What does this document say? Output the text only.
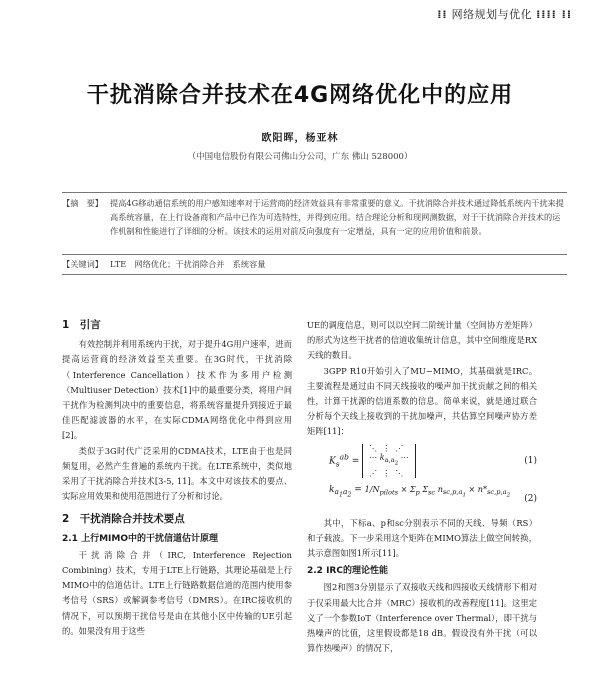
⁞⁞ 网络规划与优化 ⁞⁞⁞⁞ ⁞⁞
干扰消除合并技术在4G网络优化中的应用
欧阳晖，杨亚林
（中国电信股份有限公司佛山分公司，广东 佛山 528000）
【摘　要】 提高4G移动通信系统的用户感知速率对于运营商的经济效益具有非常重要的意义。干扰消除合并技术通过降低系统内干扰来提高系统容量，在上行设备商和产品中已作为可选特性，并得到应用。结合理论分析和现网测数据，对于干扰消除合并技术的运作机制和性能进行了详细的分析。该技术的运用对前反向强度有一定增益，具有一定的应用价值和前景。
【关键词】 LTE　网络优化；干扰消除合并　系统容量
1　引言

有效控制并利用系统内干扰，对于提升4G用户速率，进而提高运营商的经济效益至关重要。在3G时代，干扰消除（Interference Cancellation）技术作为多用户检测（Multiuser Detection）技术[1]中的最重要分类，将用户间干扰作为检测判决中的重要信息，将系统容量提升到接近于最佳匹配滤波器的水平，在实际CDMA网络优化中得到应用[2]。

类似于3G时代广泛采用的CDMA技术，LTE由于也是同频复用，必然产生普遍的系统内干扰。在LTE系统中，类似地采用了干扰消除合并技术[3-5, 11]。本文中对该技术的要点、实际应用效果和使用范围进行了分析和讨论。

2　干扰消除合并技术要点
2.1 上行MIMO中的干扰信道估计原理

干扰消除合并（IRC, Interference Rejection Combining）技术，专用于LTE上行链路，其理论基础是上行MIMO中的信道估计。LTE上行链路数据信道的范围内使用参考信号（SRS）或解调参考信号（DMRS）。在IRC接收机的情况下，可以预期干扰信号是由在其他小区中传输的UE引起的。如果没有用于这些

UE的调度信息，则可以以空间二阶统计量（空间协方差矩阵）的形式为这些干扰者的信道收集统计信息，其中空间维度是RX天线的数目。

3GPP R10开始引入了MU−MIMO，其基础就是IRC。主要流程是通过由不同天线接收的噪声加干扰贡献之间的相关性，计算干扰源的信道系数的信息。简单来说，就是通过联合分析每个天线上接收到的干扰加噪声，共估算空间噪声协方差矩阵[11]：

$K_s^{ab}$ = ⋱  ⋮  ⋰
⋯ $k_{a,a_2}$ ⋯
⋰  ⋮  ⋱
(1)
$k_{a_1a_2} = 1/N_{pilots} \times \Sigma_p$ $\Sigma_{sc}$ $n_{sc,p,a_1} \times n*_{sc,p,a_2}$ (2)

其中，下标a、p和sc分别表示不同的天线、导频（RS）和子载波。下一步采用这个矩阵在MIMO算法上做空间转换，其示意图如图1所示[11]。

2.2 IRC的理论性能

图2和图3分别显示了双接收天线和四接收天线情形下相对于仅采用最大比合并（MRC）接收机的改善程度[11]。这里定义了一个参数IoT（Interference over Thermal），即干扰与热噪声的比值，这里假设都是18 dB。假设没有外干扰（可以算作热噪声）的情况下，
